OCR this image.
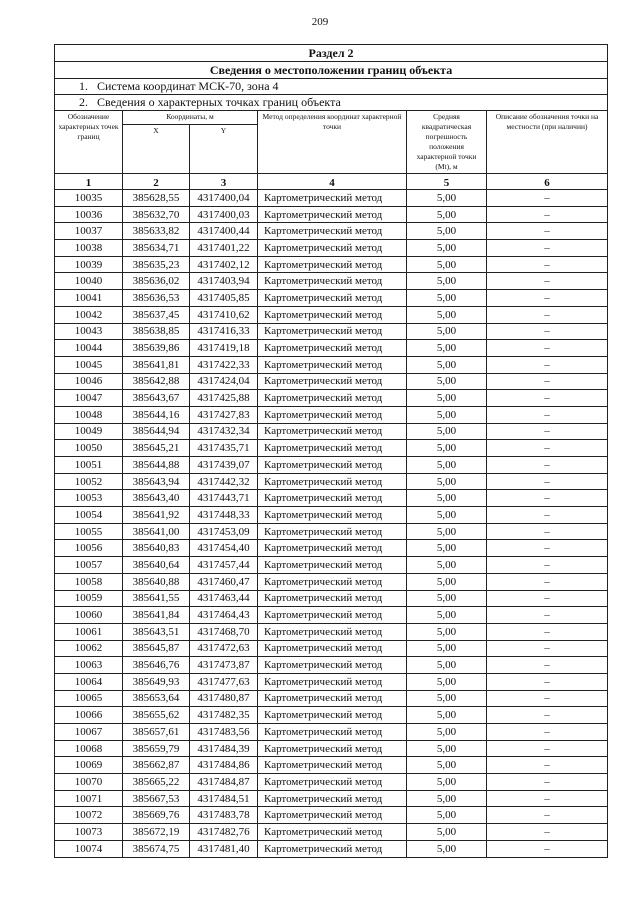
209
Раздел 2					
Сведения о местоположении границ объекта					
1. Система координат МСК-70, зона 4					
2. Сведения о характерных точках границ объекта					
Обозначение характерных точек границ	Координаты, м		Метод определения координат характерной точки	Средняя квадратическая погрешность положения характерной точки (Mt), м	Описание обозначения точки на местности (при наличии)
	X	Y			
1	2	3	4	5	6
10035	385628,55	4317400,04	Картометрический метод	5,00	–
10036	385632,70	4317400,03	Картометрический метод	5,00	–
10037	385633,82	4317400,44	Картометрический метод	5,00	–
10038	385634,71	4317401,22	Картометрический метод	5,00	–
10039	385635,23	4317402,12	Картометрический метод	5,00	–
10040	385636,02	4317403,94	Картометрический метод	5,00	–
10041	385636,53	4317405,85	Картометрический метод	5,00	–
10042	385637,45	4317410,62	Картометрический метод	5,00	–
10043	385638,85	4317416,33	Картометрический метод	5,00	–
10044	385639,86	4317419,18	Картометрический метод	5,00	–
10045	385641,81	4317422,33	Картометрический метод	5,00	–
10046	385642,88	4317424,04	Картометрический метод	5,00	–
10047	385643,67	4317425,88	Картометрический метод	5,00	–
10048	385644,16	4317427,83	Картометрический метод	5,00	–
10049	385644,94	4317432,34	Картометрический метод	5,00	–
10050	385645,21	4317435,71	Картометрический метод	5,00	–
10051	385644,88	4317439,07	Картометрический метод	5,00	–
10052	385643,94	4317442,32	Картометрический метод	5,00	–
10053	385643,40	4317443,71	Картометрический метод	5,00	–
10054	385641,92	4317448,33	Картометрический метод	5,00	–
10055	385641,00	4317453,09	Картометрический метод	5,00	–
10056	385640,83	4317454,40	Картометрический метод	5,00	–
10057	385640,64	4317457,44	Картометрический метод	5,00	–
10058	385640,88	4317460,47	Картометрический метод	5,00	–
10059	385641,55	4317463,44	Картометрический метод	5,00	–
10060	385641,84	4317464,43	Картометрический метод	5,00	–
10061	385643,51	4317468,70	Картометрический метод	5,00	–
10062	385645,87	4317472,63	Картометрический метод	5,00	–
10063	385646,76	4317473,87	Картометрический метод	5,00	–
10064	385649,93	4317477,63	Картометрический метод	5,00	–
10065	385653,64	4317480,87	Картометрический метод	5,00	–
10066	385655,62	4317482,35	Картометрический метод	5,00	–
10067	385657,61	4317483,56	Картометрический метод	5,00	–
10068	385659,79	4317484,39	Картометрический метод	5,00	–
10069	385662,87	4317484,86	Картометрический метод	5,00	–
10070	385665,22	4317484,87	Картометрический метод	5,00	–
10071	385667,53	4317484,51	Картометрический метод	5,00	–
10072	385669,76	4317483,78	Картометрический метод	5,00	–
10073	385672,19	4317482,76	Картометрический метод	5,00	–
10074	385674,75	4317481,40	Картометрический метод	5,00	–
